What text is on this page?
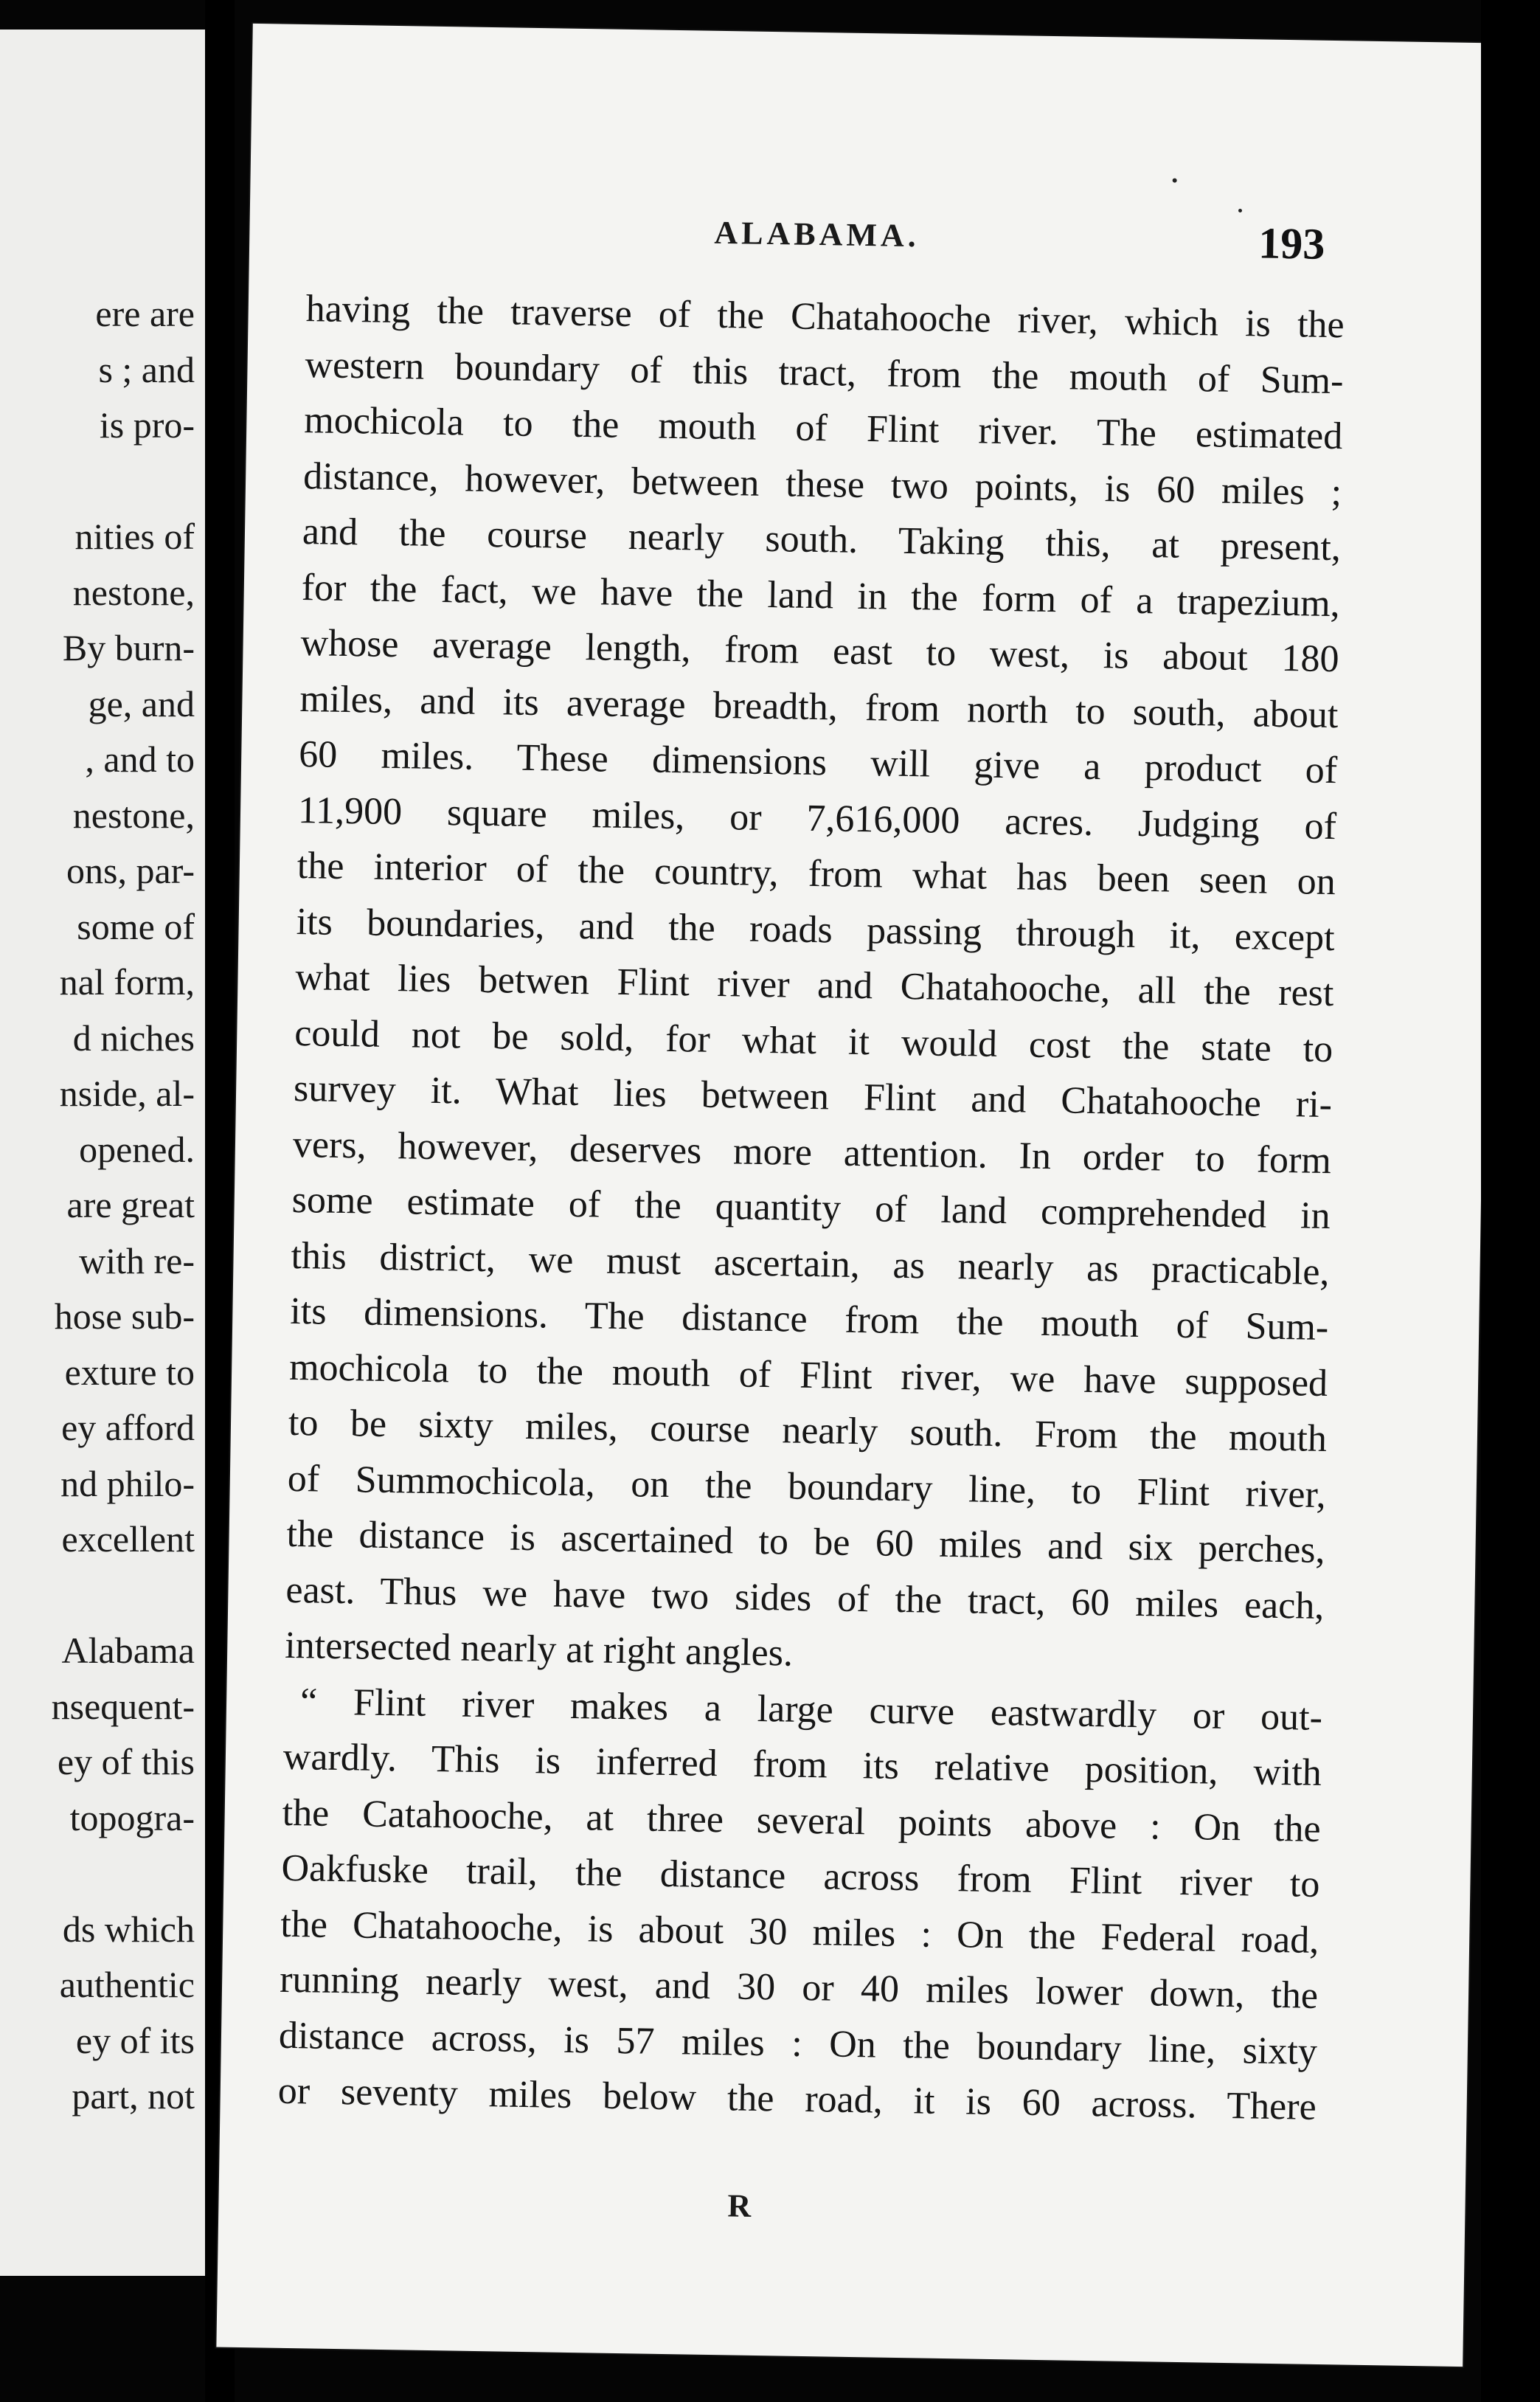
ere are
s ; and
is pro-
nities of
nestone,
By burn-
ge, and
, and to
nestone,
ons, par-
some of
nal form,
d niches
nside, al-
opened.
are great
with re-
hose sub-
exture to
ey afford
nd philo-
excellent
Alabama
nsequent-
ey of this
topogra-
ds which
authentic
ey of its
part, not
ALABAMA.	193
having the traverse of the Chatahooche river, which is the
western boundary of this tract, from the mouth of Sum-
mochicola to the mouth of Flint river. The estimated
distance, however, between these two points, is 60 miles ;
and the course nearly south. Taking this, at present,
for the fact, we have the land in the form of a trapezium,
whose average length, from east to west, is about 180
miles, and its average breadth, from north to south, about
60 miles. These dimensions will give a product of
11,900 square miles, or 7,616,000 acres. Judging of
the interior of the country, from what has been seen on
its boundaries, and the roads passing through it, except
what lies betwen Flint river and Chatahooche, all the rest
could not be sold, for what it would cost the state to
survey it. What lies between Flint and Chatahooche ri-
vers, however, deserves more attention. In order to form
some estimate of the quantity of land comprehended in
this district, we must ascertain, as nearly as practicable,
its dimensions. The distance from the mouth of Sum-
mochicola to the mouth of Flint river, we have supposed
to be sixty miles, course nearly south. From the mouth
of Summochicola, on the boundary line, to Flint river,
the distance is ascertained to be 60 miles and six perches,
east. Thus we have two sides of the tract, 60 miles each,
intersected nearly at right angles.
“ Flint river makes a large curve eastwardly or out-
wardly. This is inferred from its relative position, with
the Catahooche, at three several points above : On the
Oakfuske trail, the distance across from Flint river to
the Chatahooche, is about 30 miles : On the Federal road,
running nearly west, and 30 or 40 miles lower down, the
distance across, is 57 miles : On the boundary line, sixty
or seventy miles below the road, it is 60 across. There
R
